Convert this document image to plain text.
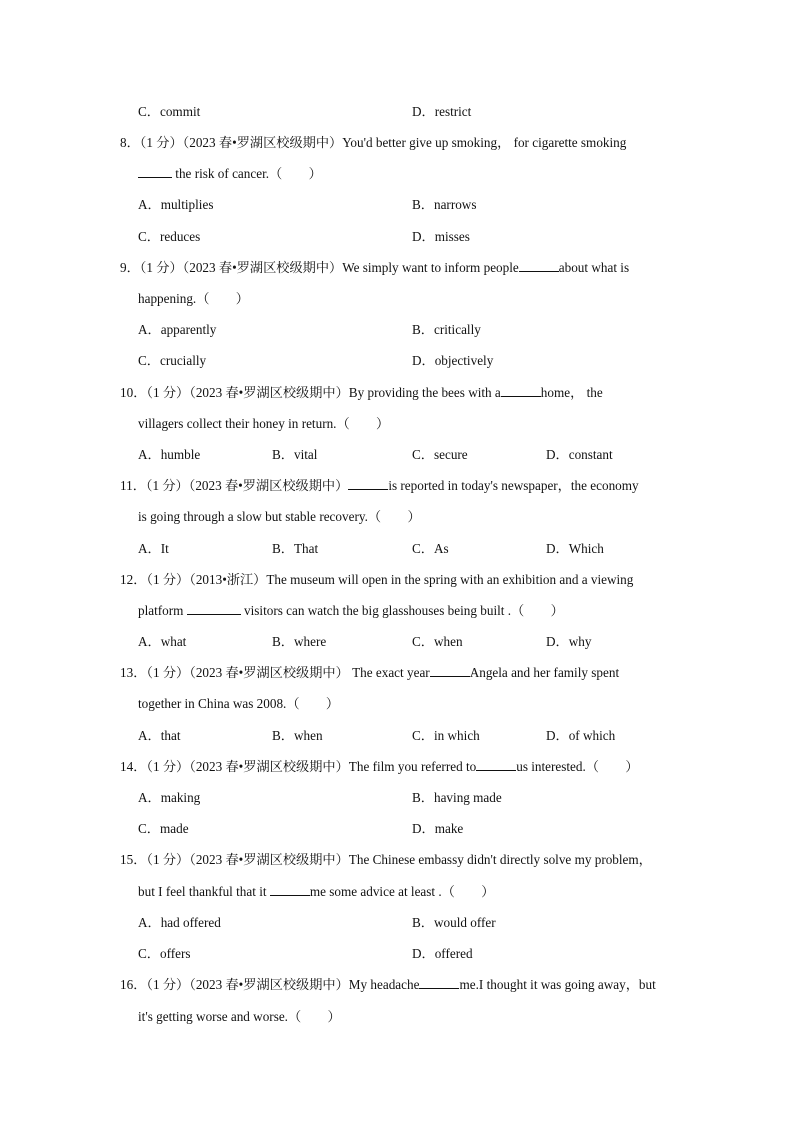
C．commit	D．restrict
8．（1 分）（2023 春•罗湖区校级期中）You'd better give up smoking， for cigarette smoking
the risk of cancer.（　　）
A．multiplies	B．narrows
C．reduces	D．misses
9．（1 分）（2023 春•罗湖区校级期中）We simply want to inform people	about what is
happening.（　　）
A．apparently	B．critically
C．crucially	D．objectively
10．（1 分）（2023 春•罗湖区校级期中）By providing the bees with a	home， the
villagers collect their honey in return.（　　）
A．humble	B．vital	C．secure	D．constant
11．（1 分）（2023 春•罗湖区校级期中）	is reported in today's newspaper，the economy
is going through a slow but stable recovery.（　　）
A．It	B．That	C．As	D．Which
12．（1 分）（2013•浙江）The museum will open in the spring with an exhibition and a viewing
platform	visitors can watch the big glasshouses being built .（　　）
A．what	B．where	C．when	D．why
13．（1 分）（2023 春•罗湖区校级期中） The exact year	Angela and her family spent
together in China was 2008.（　　）
A．that	B．when	C．in which	D．of which
14．（1 分）（2023 春•罗湖区校级期中）The film you referred to	us interested.（　　）
A．making	B．having made
C．made	D．make
15．（1 分）（2023 春•罗湖区校级期中）The Chinese embassy didn't directly solve my problem，
but I feel thankful that it	me some advice at least .（　　）
A．had offered	B．would offer
C．offers	D．offered
16．（1 分）（2023 春•罗湖区校级期中）My headache	me.I thought it was going away，but
it's getting worse and worse.（　　）
